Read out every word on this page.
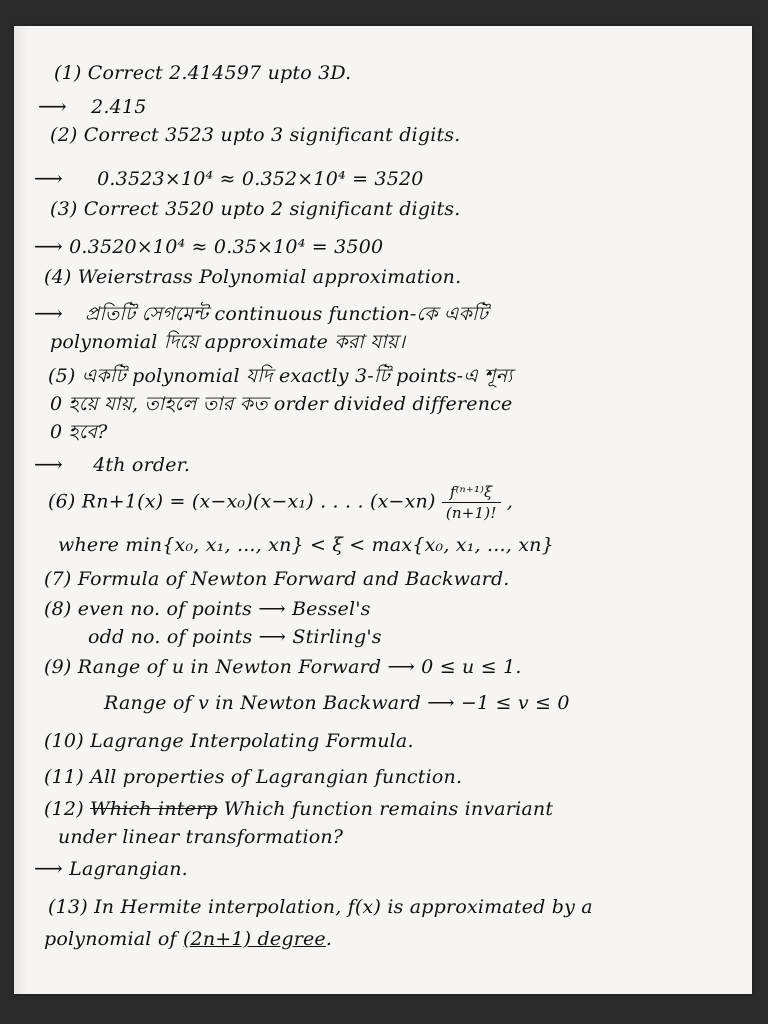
(1) Correct 2.414597 upto 3D.
⟶ 2.415
(2) Correct 3523 upto 3 significant digits.
⟶ 0.3523×10⁴ ≈ 0.352×10⁴ = 3520
(3) Correct 3520 upto 2 significant digits.
⟶ 0.3520×10⁴ ≈ 0.35×10⁴ = 3500
(4) Weierstrass Polynomial approximation.
⟶ প্রতিটি সেগমেন্ট continuous function-কে একটি
polynomial দিয়ে approximate করা যায়।
(5) একটি polynomial যদি exactly 3-টি points-এ শূন্য
0 হয়ে যায়, তাহলে তার কত order divided difference
0 হবে?
⟶ 4th order.
(6) Rn+1(x) = (x−x₀)(x−x₁) . . . . $(x-xn) \frac{\text{f⁽ⁿ⁺¹⁾ξ}}{(n+1)!}$ ,
where min{x₀, x₁, ..., xn} < ξ < max{x₀, x₁, ..., xn}
(7) Formula of Newton Forward and Backward.
(8) even no. of points ⟶ Bessel's
odd no. of points ⟶ Stirling's
(9) Range of u in Newton Forward ⟶ 0 ≤ u ≤ 1.
Range of v in Newton Backward ⟶ −1 ≤ v ≤ 0
(10) Lagrange Interpolating Formula.
(11) All properties of Lagrangian function.
(12) Which interp Which function remains invariant
under linear transformation?
⟶ Lagrangian.
(13) In Hermite interpolation, f(x) is approximated by a
polynomial of (2n+1) degree.
